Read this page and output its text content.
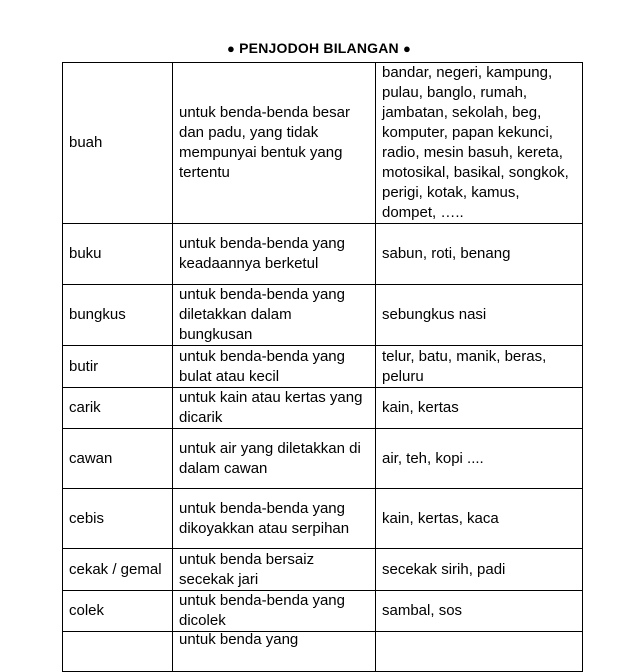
● PENJODOH BILANGAN ●
buah	untuk benda-benda besar dan padu, yang tidak mempunyai bentuk yang tertentu	bandar, negeri, kampung, pulau, banglo, rumah, jambatan, sekolah, beg, komputer, papan kekunci, radio, mesin basuh, kereta, motosikal, basikal, songkok, perigi, kotak, kamus, dompet, …..
buku	untuk benda-benda yang keadaannya berketul	sabun, roti, benang
bungkus	untuk benda-benda yang diletakkan dalam bungkusan	sebungkus nasi
butir	untuk benda-benda yang bulat atau kecil	telur, batu, manik, beras, peluru
carik	untuk kain atau kertas yang dicarik	kain, kertas
cawan	untuk air yang diletakkan di dalam cawan	air, teh, kopi ....
cebis	untuk benda-benda yang dikoyakkan atau serpihan	kain, kertas, kaca
cekak / gemal	untuk benda bersaiz secekak jari	secekak sirih, padi
colek	untuk benda-benda yang dicolek	sambal, sos
	untuk benda yang	
